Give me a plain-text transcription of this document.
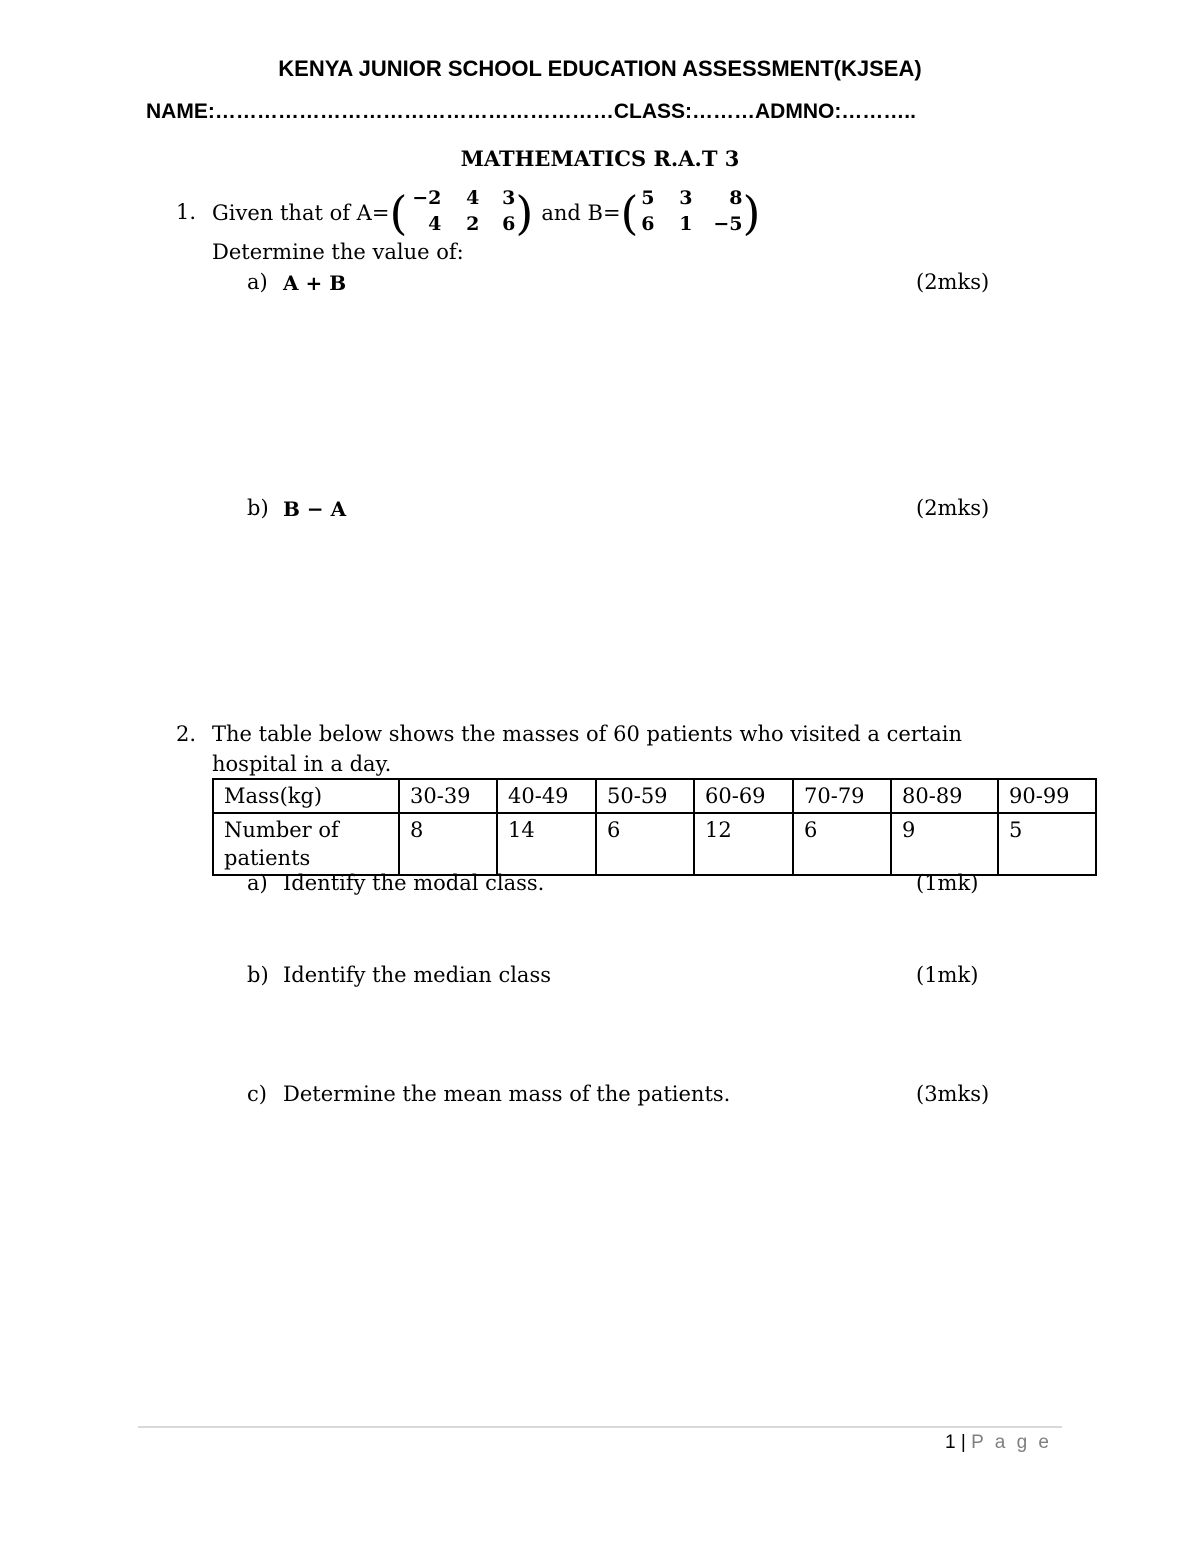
KENYA JUNIOR SCHOOL EDUCATION ASSESSMENT(KJSEA)
NAME:…………………………………………………CLASS:………ADMNO:………..
MATHEMATICS R.A.T 3
1. Given that of A= ( −2	4	3
4	2	6 ) and B= ( 5	3	8
6	1	−5 )
Determine the value of:
a) A + B	(2mks)
b) B − A	(2mks)
2. The table below shows the masses of 60 patients who visited a certain
hospital in a day.
Mass(kg)	30-39	40-49	50-59	60-69	70-79	80-89	90-99

Number of
patients	8	14	6	12	6	9	5
a) Identify the modal class.	(1mk)
b) Identify the median class	(1mk)
c) Determine the mean mass of the patients.	(3mks)
1 | P a g e
